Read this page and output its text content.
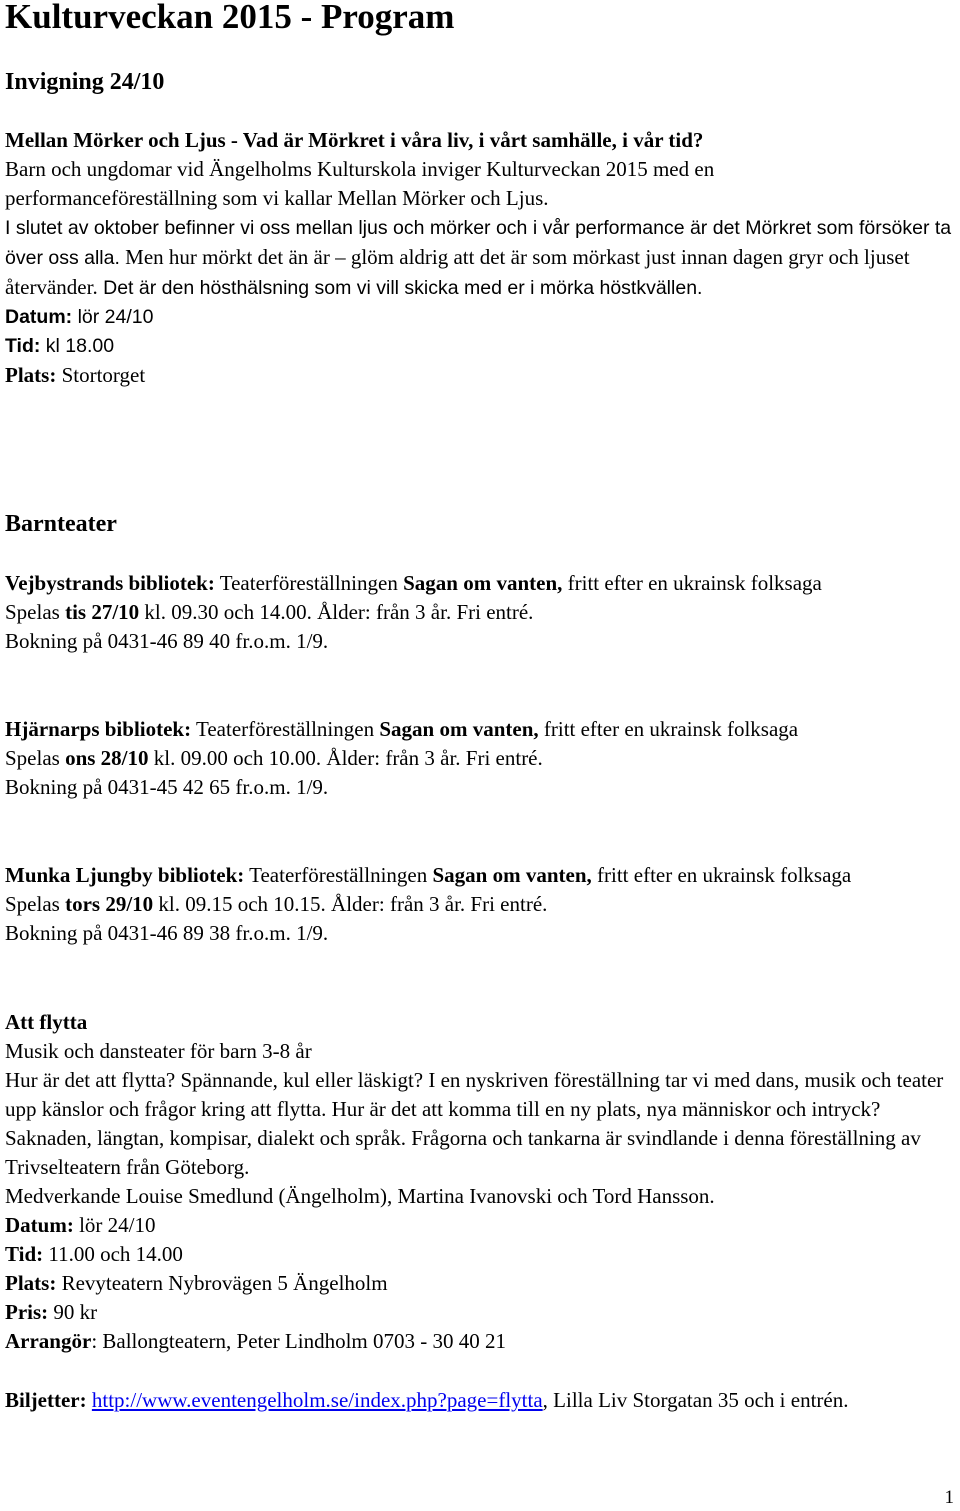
Kulturveckan 2015 - Program
Invigning 24/10

Mellan Mörker och Ljus - Vad är Mörkret i våra liv, i vårt samhälle, i vår tid?

Barn och ungdomar vid Ängelholms Kulturskola inviger Kulturveckan 2015 med en performanceföreställning som vi kallar Mellan Mörker och Ljus.

I slutet av oktober befinner vi oss mellan ljus och mörker och i vår performance är det Mörkret som försöker ta över oss alla. Men hur mörkt det än är – glöm aldrig att det är som mörkast just innan dagen gryr och ljuset återvänder. Det är den hösthälsning som vi vill skicka med er i mörka höstkvällen.

Datum: lör 24/10

Tid: kl 18.00

Plats: Stortorget

Barnteater

Vejbystrands bibliotek: Teaterföreställningen Sagan om vanten, fritt efter en ukrainsk folksaga

Spelas tis 27/10 kl. 09.30 och 14.00. Ålder: från 3 år. Fri entré.

Bokning på 0431-46 89 40 fr.o.m. 1/9.

Hjärnarps bibliotek: Teaterföreställningen Sagan om vanten, fritt efter en ukrainsk folksaga

Spelas ons 28/10 kl. 09.00 och 10.00. Ålder: från 3 år. Fri entré.

Bokning på 0431-45 42 65 fr.o.m. 1/9.

Munka Ljungby bibliotek: Teaterföreställningen Sagan om vanten, fritt efter en ukrainsk folksaga

Spelas tors 29/10 kl. 09.15 och 10.15. Ålder: från 3 år. Fri entré.

Bokning på 0431-46 89 38 fr.o.m. 1/9.

Att flytta

Musik och dansteater för barn 3-8 år

Hur är det att flytta? Spännande, kul eller läskigt? I en nyskriven föreställning tar vi med dans, musik och teater upp känslor och frågor kring att flytta. Hur är det att komma till en ny plats, nya människor och intryck? Saknaden, längtan, kompisar, dialekt och språk. Frågorna och tankarna är svindlande i denna föreställning av Trivselteatern från Göteborg.

Medverkande Louise Smedlund (Ängelholm), Martina Ivanovski och Tord Hansson.

Datum: lör 24/10

Tid: 11.00 och 14.00

Plats: Revyteatern Nybrovägen 5 Ängelholm

Pris: 90 kr

Arrangör: Ballongteatern, Peter Lindholm 0703 - 30 40 21

Biljetter: http://www.eventengelholm.se/index.php?page=flytta, Lilla Liv Storgatan 35 och i entrén.

1
